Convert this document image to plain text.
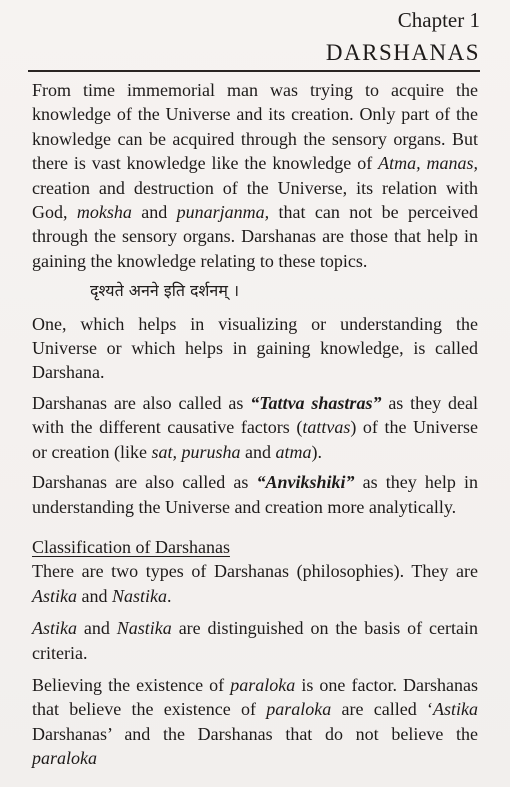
Chapter 1
DARSHANAS

From time immemorial man was trying to acquire the knowledge of the Universe and its creation. Only part of the knowledge can be acquired through the sensory organs. But there is vast knowledge like the knowledge of Atma, manas, creation and destruction of the Universe, its relation with God, moksha and punarjanma, that can not be perceived through the sensory organs. Darshanas are those that help in gaining the knowledge relating to these topics.

दृश्यते अनने इति दर्शनम् ।

One, which helps in visualizing or understanding the Universe or which helps in gaining knowledge, is called Darshana.

Darshanas are also called as “Tattva shastras” as they deal with the different causative factors (tattvas) of the Universe or creation (like sat, purusha and atma).

Darshanas are also called as “Anvikshiki” as they help in understanding the Universe and creation more analytically.

Classification of Darshanas

There are two types of Darshanas (philosophies). They are Astika and Nastika.

Astika and Nastika are distinguished on the basis of certain criteria.

Believing the existence of paraloka is one factor. Darshanas that believe the existence of paraloka are called ‘Astika Darshanas’ and the Darshanas that do not believe the paraloka
